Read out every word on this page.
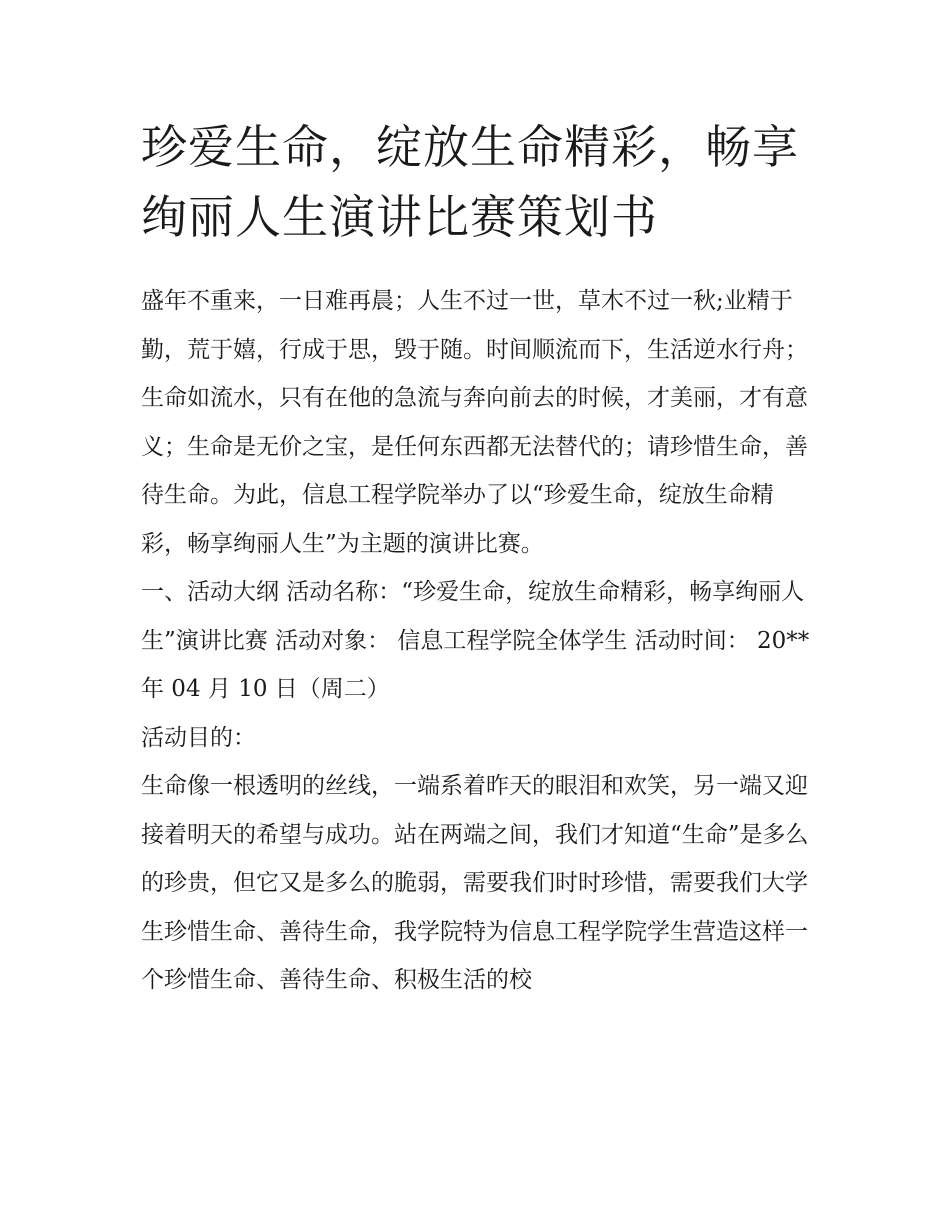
珍爱生命，绽放生命精彩，畅享绚丽人生演讲比赛策划书

盛年不重来，一日难再晨；人生不过一世，草木不过一秋;业精于勤，荒于嬉，行成于思，毁于随。时间顺流而下，生活逆水行舟；生命如流水，只有在他的急流与奔向前去的时候，才美丽，才有意义；生命是无价之宝，是任何东西都无法替代的；请珍惜生命，善待生命。为此，信息工程学院举办了以“珍爱生命，绽放生命精彩，畅享绚丽人生”为主题的演讲比赛。

一、活动大纲 活动名称：“珍爱生命，绽放生命精彩，畅享绚丽人生”演讲比赛 活动对象： 信息工程学院全体学生 活动时间： 20**年 04 月 10 日（周二）

活动目的：

生命像一根透明的丝线，一端系着昨天的眼泪和欢笑，另一端又迎接着明天的希望与成功。站在两端之间，我们才知道“生命”是多么的珍贵，但它又是多么的脆弱，需要我们时时珍惜，需要我们大学生珍惜生命、善待生命，我学院特为信息工程学院学生营造这样一个珍惜生命、善待生命、积极生活的校
